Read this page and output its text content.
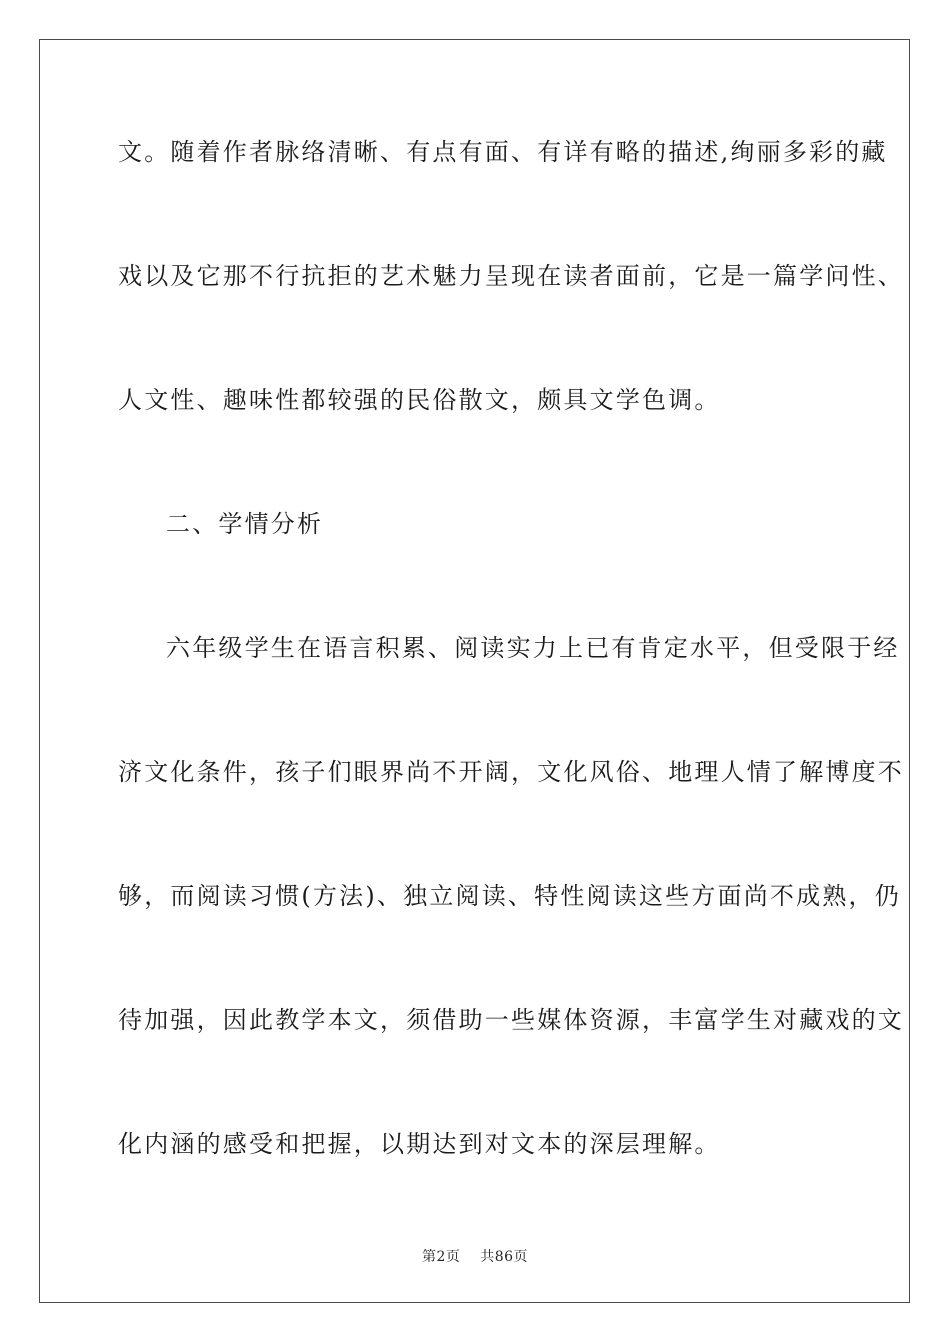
文。随着作者脉络清晰、有点有面、有详有略的描述,绚丽多彩的藏
戏以及它那不行抗拒的艺术魅力呈现在读者面前，它是一篇学问性、
人文性、趣味性都较强的民俗散文，颇具文学色调。
二、学情分析
六年级学生在语言积累、阅读实力上已有肯定水平，但受限于经
济文化条件，孩子们眼界尚不开阔，文化风俗、地理人情了解博度不
够，而阅读习惯(方法)、独立阅读、特性阅读这些方面尚不成熟，仍
待加强，因此教学本文，须借助一些媒体资源，丰富学生对藏戏的文
化内涵的感受和把握，以期达到对文本的深层理解。
第2页 共86页
